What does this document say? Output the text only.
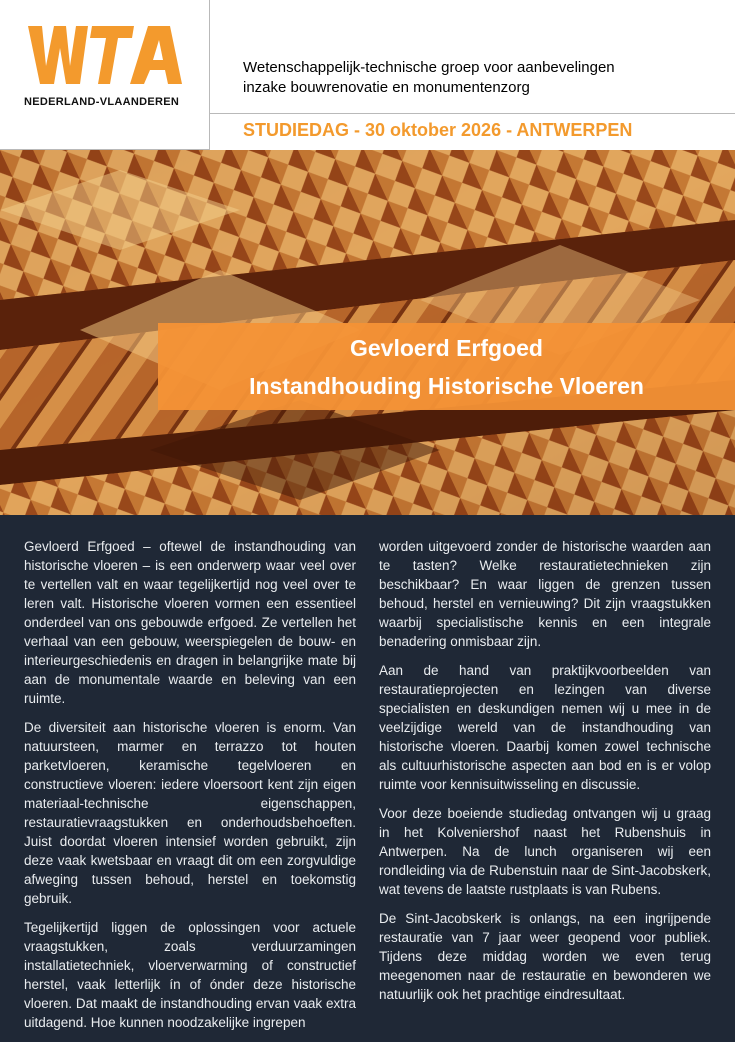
NEDERLAND-VLAANDEREN
Wetenschappelijk-technische groep voor aanbevelingen
inzake bouwrenovatie en monumentenzorg
STUDIEDAG - 30 oktober 2026 - ANTWERPEN
Gevloerd Erfgoed
Instandhouding Historische Vloeren

Gevloerd Erfgoed – oftewel de instandhouding van historische vloeren – is een onderwerp waar veel over te vertellen valt en waar tegelijkertijd nog veel over te leren valt. Historische vloeren vormen een essentieel onderdeel van ons gebouwde erfgoed. Ze vertellen het verhaal van een gebouw, weerspiegelen de bouw- en interieurgeschiedenis en dragen in belangrijke mate bij aan de monumentale waarde en beleving van een ruimte.

De diversiteit aan historische vloeren is enorm. Van natuursteen, marmer en terrazzo tot houten parketvloeren, keramische tegelvloeren en constructieve vloeren: iedere vloersoort kent zijn eigen materiaal-technische eigenschappen, restauratievraagstukken en onderhoudsbehoeften. Juist doordat vloeren intensief worden gebruikt, zijn deze vaak kwetsbaar en vraagt dit om een zorgvuldige afweging tussen behoud, herstel en toekomstig gebruik.

Tegelijkertijd liggen de oplossingen voor actuele vraagstukken, zoals verduurzamingen installatietechniek, vloerverwarming of constructief herstel, vaak letterlijk ín of ónder deze historische vloeren. Dat maakt de instandhouding ervan vaak extra uitdagend. Hoe kunnen noodzakelijke ingrepen

worden uitgevoerd zonder de historische waarden aan te tasten? Welke restauratietechnieken zijn beschikbaar? En waar liggen de grenzen tussen behoud, herstel en vernieuwing? Dit zijn vraagstukken waarbij specialistische kennis en een integrale benadering onmisbaar zijn.

Aan de hand van praktijkvoorbeelden van restauratieprojecten en lezingen van diverse specialisten en deskundigen nemen wij u mee in de veelzijdige wereld van de instandhouding van historische vloeren. Daarbij komen zowel technische als cultuurhistorische aspecten aan bod en is er volop ruimte voor kennisuitwisseling en discussie.

Voor deze boeiende studiedag ontvangen wij u graag in het Kolveniershof naast het Rubenshuis in Antwerpen. Na de lunch organiseren wij een rondleiding via de Rubenstuin naar de Sint-Jacobskerk, wat tevens de laatste rustplaats is van Rubens.

De Sint-Jacobskerk is onlangs, na een ingrijpende restauratie van 7 jaar weer geopend voor publiek. Tijdens deze middag worden we even terug meegenomen naar de restauratie en bewonderen we natuurlijk ook het prachtige eindresultaat.
